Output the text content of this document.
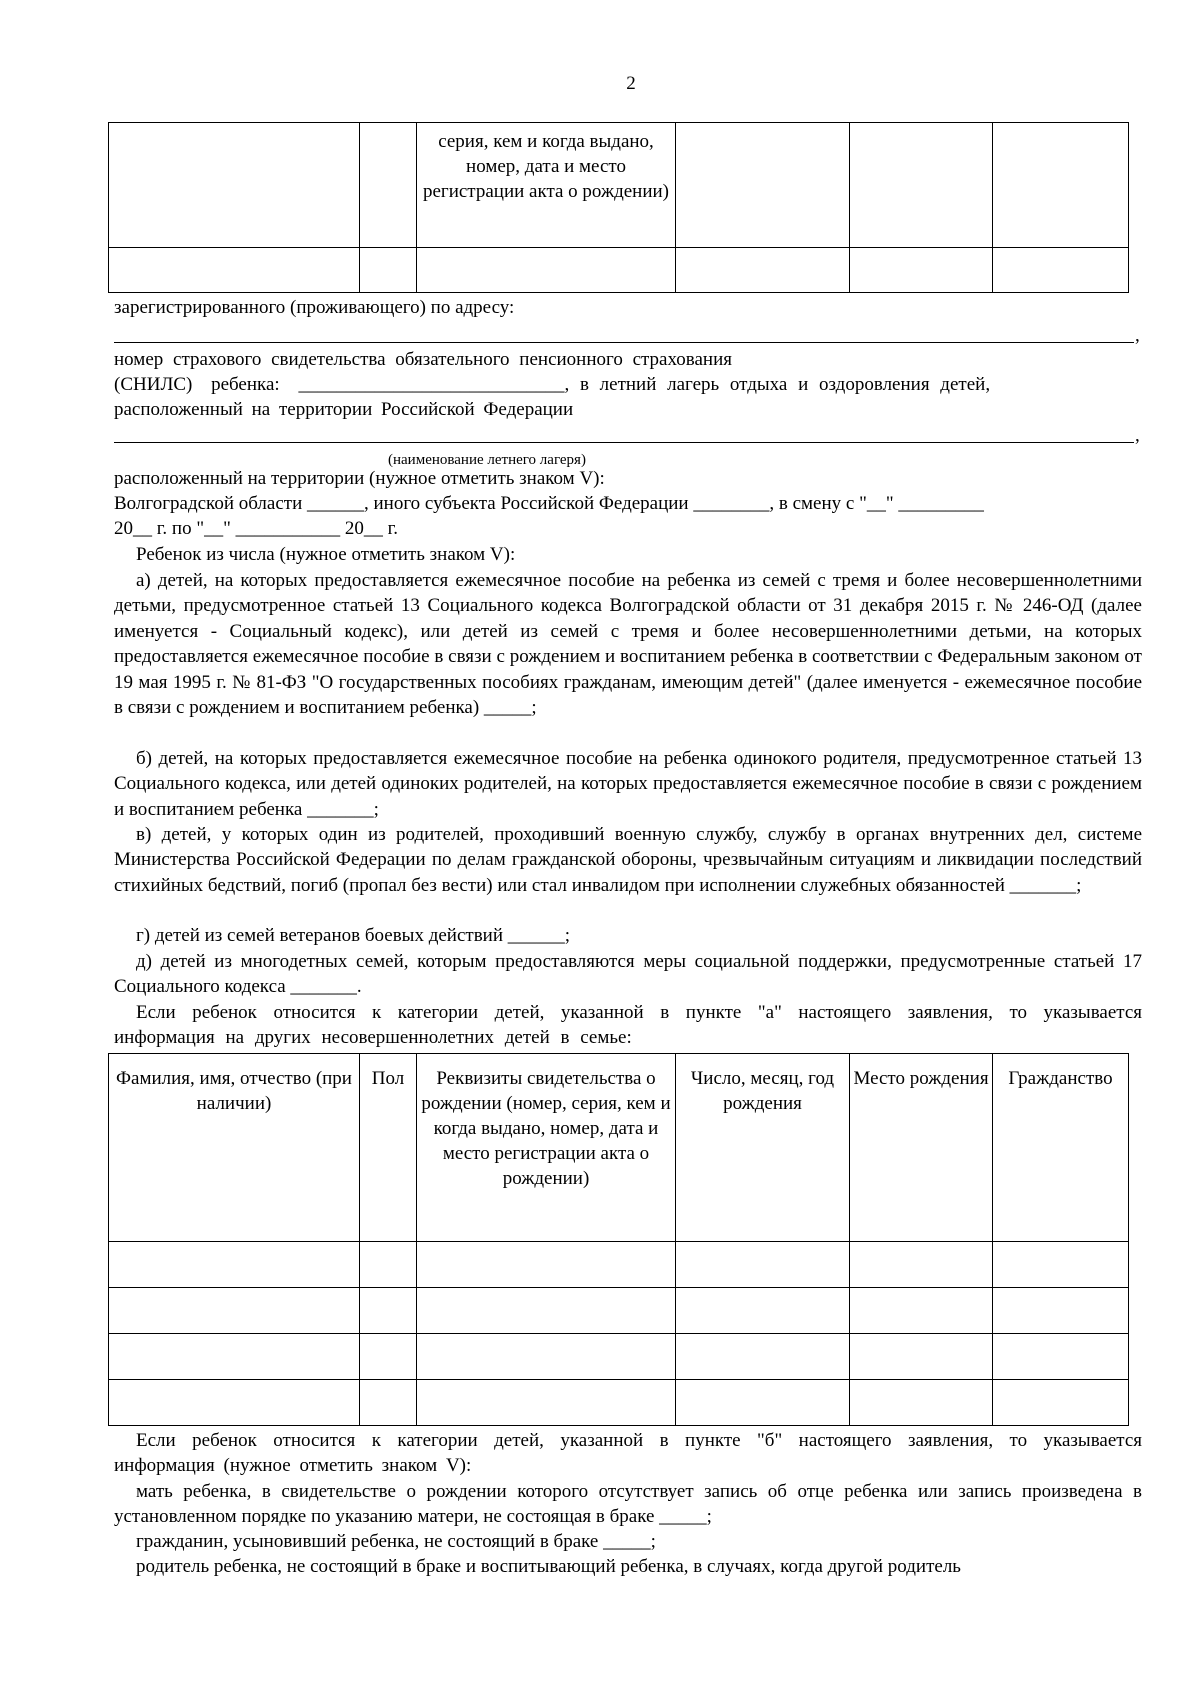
2

		серия, кем и когда выдано, номер, дата и место регистрации акта о рождении)			

зарегистрированного (проживающего) по адресу:
,
номер страхового свидетельства обязательного пенсионного страхования
(СНИЛС) ребенка: ____________________________, в летний лагерь отдыха и оздоровления детей,
расположенный на территории Российской Федерации
,
(наименование летнего лагеря)
расположенный на территории (нужное отметить знаком V):
Волгоградской области ______, иного субъекта Российской Федерации ________, в смену с "__" _________
20__ г. по "__" ___________ 20__ г.
Ребенок из числа (нужное отметить знаком V):
а) детей, на которых предоставляется ежемесячное пособие на ребенка из семей с тремя и более несовершеннолетними детьми, предусмотренное статьей 13 Социального кодекса Волгоградской области от 31 декабря 2015 г. № 246-ОД (далее именуется - Социальный кодекс), или детей из семей с тремя и более несовершеннолетними детьми, на которых предоставляется ежемесячное пособие в связи с рождением и воспитанием ребенка в соответствии с Федеральным законом от 19 мая 1995 г. № 81-ФЗ "О государственных пособиях гражданам, имеющим детей" (далее именуется - ежемесячное пособие в связи с рождением и воспитанием ребенка) _____;
б) детей, на которых предоставляется ежемесячное пособие на ребенка одинокого родителя, предусмотренное статьей 13 Социального кодекса, или детей одиноких родителей, на которых предоставляется ежемесячное пособие в связи с рождением и воспитанием ребенка _______;
в) детей, у которых один из родителей, проходивший военную службу, службу в органах внутренних дел, системе Министерства Российской Федерации по делам гражданской обороны, чрезвычайным ситуациям и ликвидации последствий стихийных бедствий, погиб (пропал без вести) или стал инвалидом при исполнении служебных обязанностей _______;
г) детей из семей ветеранов боевых действий ______;
д) детей из многодетных семей, которым предоставляются меры социальной поддержки, предусмотренные статьей 17 Социального кодекса _______.
Если ребенок относится к категории детей, указанной в пункте "а" настоящего заявления, то указывается информация на других несовершеннолетних детей в семье:
Фамилия, имя, отчество (при наличии)	Пол	Реквизиты свидетельства о рождении (номер, серия, кем и когда выдано, номер, дата и место регистрации акта о рождении)	Число, месяц, год рождения	Место рождения	Гражданство

Если ребенок относится к категории детей, указанной в пункте "б" настоящего заявления, то указывается информация (нужное отметить знаком V):
мать ребенка, в свидетельстве о рождении которого отсутствует запись об отце ребенка или запись произведена в установленном порядке по указанию матери, не состоящая в браке _____;
гражданин, усыновивший ребенка, не состоящий в браке _____;
родитель ребенка, не состоящий в браке и воспитывающий ребенка, в случаях, когда другой родитель
